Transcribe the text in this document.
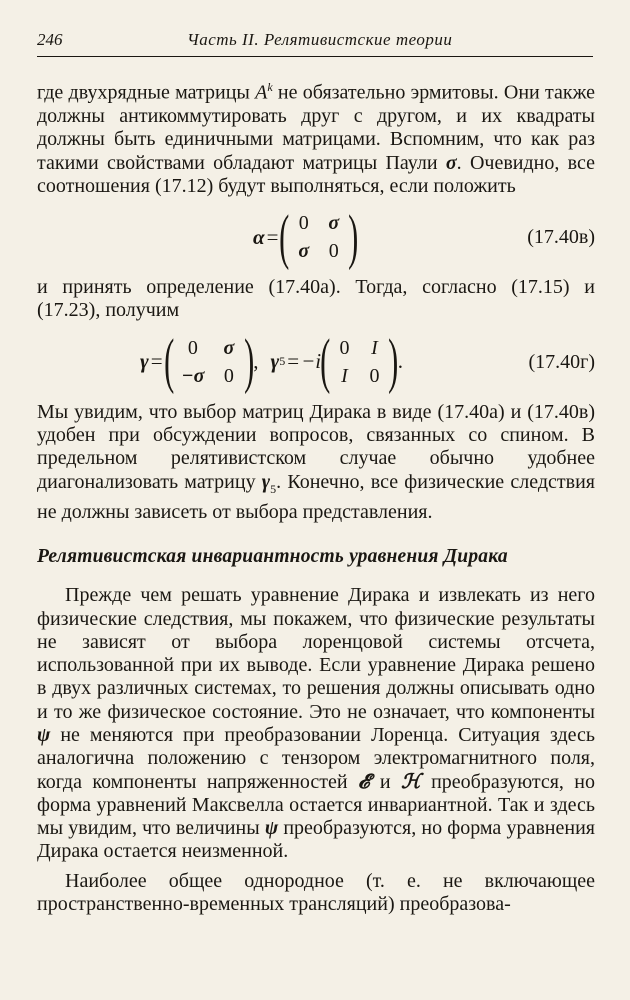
246	Часть II. Релятивистские теории

где двухрядные матрицы $A^k$ не обязательно эрмитовы. Они также должны антикоммутировать друг с другом, и их квадраты должны быть единичными матрицами. Вспомним, что как раз такими свойствами обладают матрицы Паули σ. Очевидно, все соотношения (17.12) будут выполняться, если положить

α = ( 0 σ
σ 0 )	(17.40в)

и принять определение (17.40а). Тогда, согласно (17.15) и (17.23), получим

γ = ( 0	σ
−σ 0 ) , γ 5 = −i ( 0	I
I	0 ) .	(17.40г)

Мы увидим, что выбор матриц Дирака в виде (17.40а) и (17.40в) удобен при обсуждении вопросов, связанных со спином. В предельном релятивистском случае обычно удобнее диагонализовать матрицу $\gamma_5$. Конечно, все физические следствия не должны зависеть от выбора представления.

Релятивистская инвариантность уравнения Дирака

Прежде чем решать уравнение Дирака и извлекать из него физические следствия, мы покажем, что физические результаты не зависят от выбора лоренцовой системы отсчета, использованной при их выводе. Если уравнение Дирака решено в двух различных системах, то решения должны описывать одно и то же физическое состояние. Это не означает, что компоненты ψ не меняются при преобразовании Лоренца. Ситуация здесь аналогична положению с тензором электромагнитного поля, когда компоненты напряженностей 𝓔 и ℋ преобразуются, но форма уравнений Максвелла остается инвариантной. Так и здесь мы увидим, что величины ψ преобразуются, но форма уравнения Дирака остается неизменной.

Наиболее общее однородное (т. е. не включающее пространственно-временных трансляций) преобразова-
